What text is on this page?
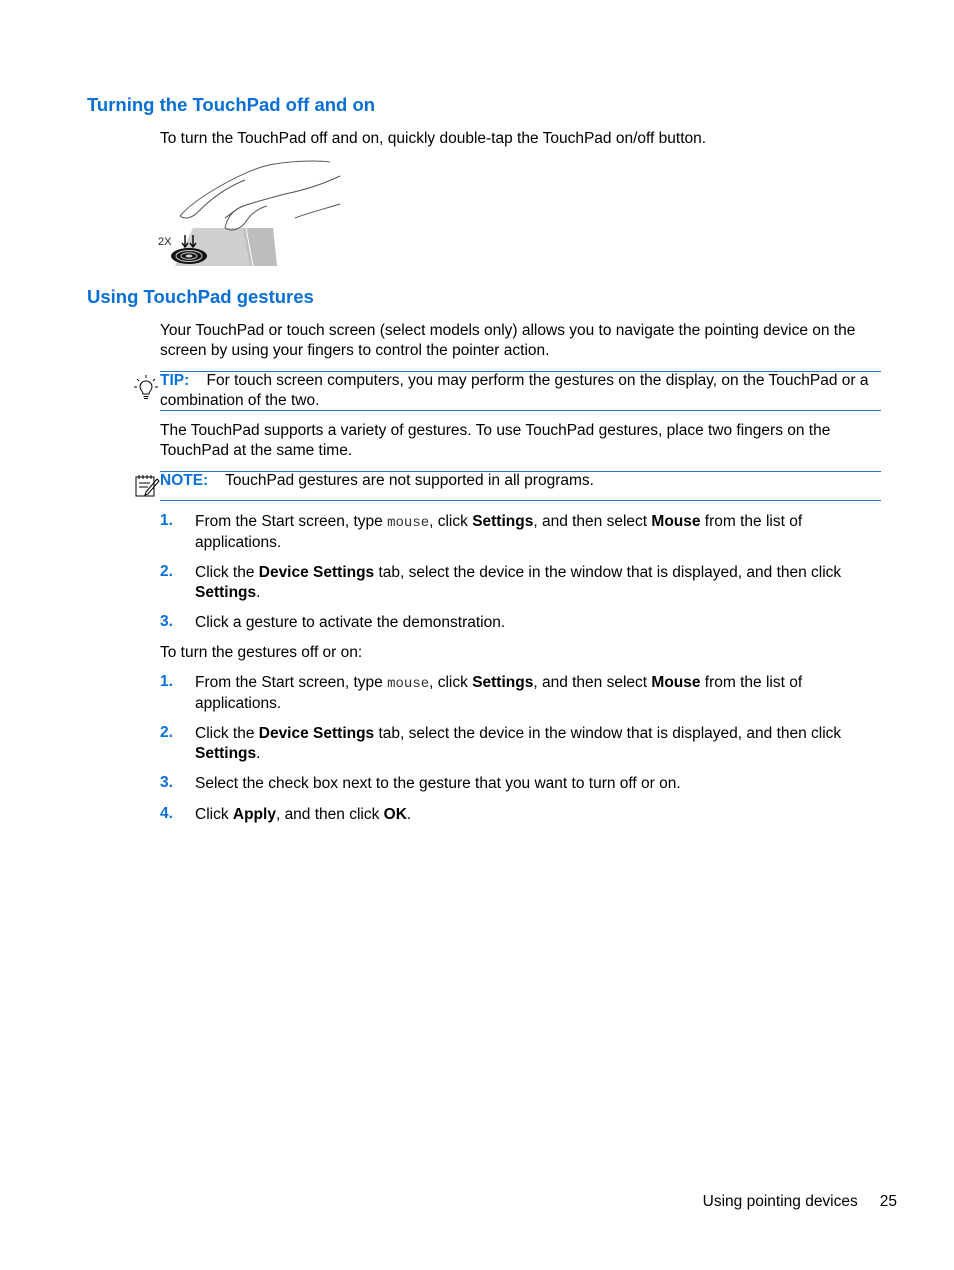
Turning the TouchPad off and on

To turn the TouchPad off and on, quickly double-tap the TouchPad on/off button.

2X
Using TouchPad gestures

Your TouchPad or touch screen (select models only) allows you to navigate the pointing device on the screen by using your fingers to control the pointer action.

TIP: For touch screen computers, you may perform the gestures on the display, on the TouchPad or a combination of the two.

The TouchPad supports a variety of gestures. To use TouchPad gestures, place two fingers on the TouchPad at the same time.

NOTE: TouchPad gestures are not supported in all programs.

1. From the Start screen, type mouse, click Settings, and then select Mouse from the list of applications.

2. Click the Device Settings tab, select the device in the window that is displayed, and then click Settings.

3. Click a gesture to activate the demonstration.

To turn the gestures off or on:

1. From the Start screen, type mouse, click Settings, and then select Mouse from the list of applications.

2. Click the Device Settings tab, select the device in the window that is displayed, and then click Settings.

3. Select the check box next to the gesture that you want to turn off or on.

4. Click Apply, and then click OK.

Using pointing devices 25
